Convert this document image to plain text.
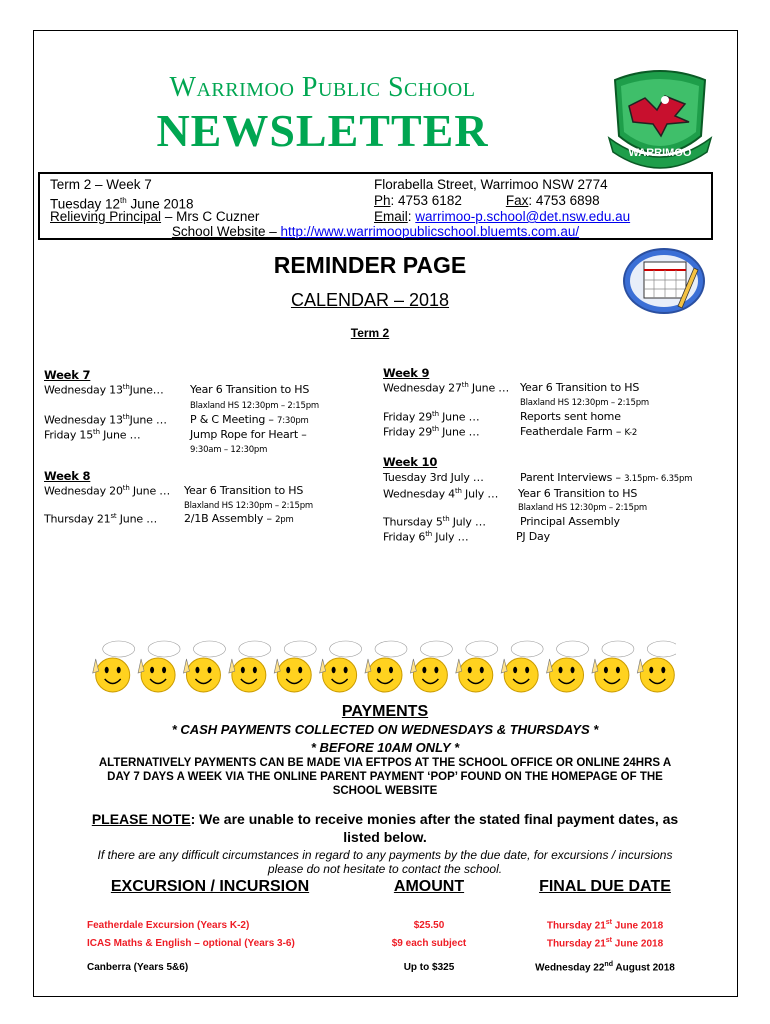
Warrimoo Public School
NEWSLETTER	WARRIMOO
Term 2 – Week 7
Tuesday 12th June 2018
Relieving Principal – Mrs C Cuzner
Florabella Street, Warrimoo NSW 2774
Ph: 4753 6182	Fax: 4753 6898
Email: warrimoo-p.school@det.nsw.edu.au
School Website – http://www.warrimoopublicschool.bluemts.com.au/
REMINDER PAGE
CALENDAR – 2018
Term 2
Week 7
Wednesday 13thJune… Year 6 Transition to HS
Blaxland HS 12:30pm – 2:15pm
Wednesday 13thJune … P & C Meeting – 7:30pm
Friday 15th June …	Jump Rope for Heart –
9:30am – 12:30pm
Week 8
Wednesday 20th June … Year 6 Transition to HS
Blaxland HS 12:30pm – 2:15pm
Thursday 21st June … 2/1B Assembly – 2pm
Week 9
Wednesday 27th June … Year 6 Transition to HS
Blaxland HS 12:30pm – 2:15pm
Friday 29th June …	Reports sent home
Friday 29th June …	Featherdale Farm – K-2
Week 10
Tuesday 3rd July …	Parent Interviews – 3.15pm- 6.35pm
Wednesday 4th July … Year 6 Transition to HS
Blaxland HS 12:30pm – 2:15pm
Thursday 5th July …	Principal Assembly
Friday 6th July …	PJ Day
PAYMENTS
* CASH PAYMENTS COLLECTED ON WEDNESDAYS & THURSDAYS *
* BEFORE 10AM ONLY *
ALTERNATIVELY PAYMENTS CAN BE MADE VIA EFTPOS AT THE SCHOOL OFFICE OR ONLINE 24HRS A
DAY 7 DAYS A WEEK VIA THE ONLINE PARENT PAYMENT ‘POP’ FOUND ON THE HOMEPAGE OF THE
SCHOOL WEBSITE
PLEASE NOTE: We are unable to receive monies after the stated final payment dates, as
listed below.
If there are any difficult circumstances in regard to any payments by the due date, for excursions / incursions
please do not hesitate to contact the school.
EXCURSION / INCURSION	AMOUNT	FINAL DUE DATE
Featherdale Excursion (Years K-2)	$25.50	Thursday 21st June 2018
ICAS Maths & English – optional (Years 3-6)	$9 each subject	Thursday 21st June 2018
Canberra (Years 5&6)	Up to $325	Wednesday 22nd August 2018
